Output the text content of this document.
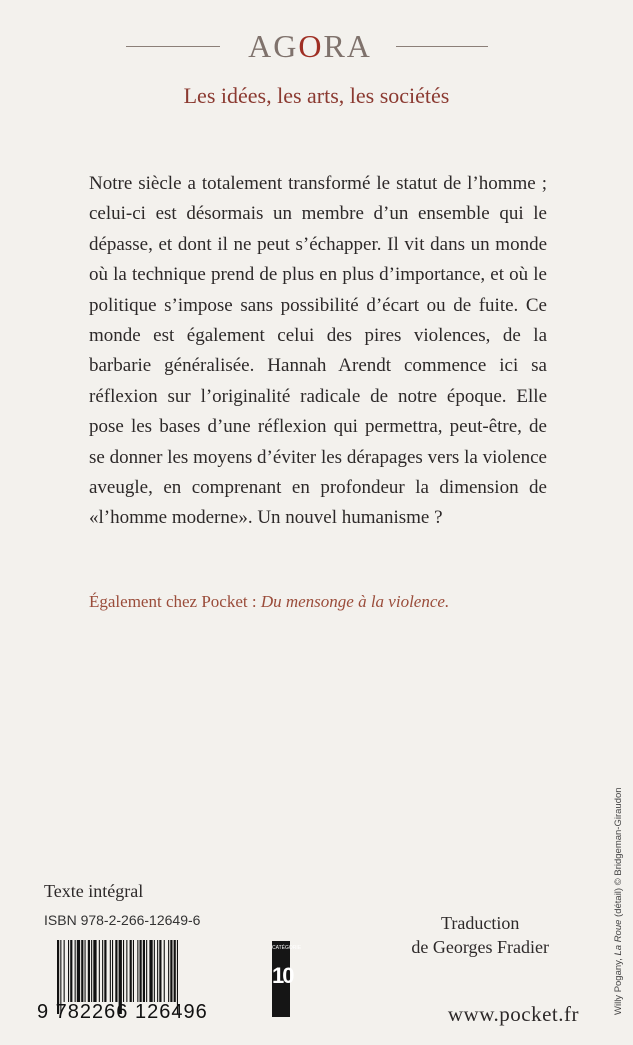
AGORA
Les idées, les arts, les sociétés

Notre siècle a totalement transformé le statut de l’homme ; celui-ci est désormais un membre d’un ensemble qui le dépasse, et dont il ne peut s’échapper. Il vit dans un monde où la technique prend de plus en plus d’importance, et où le politique s’impose sans possibilité d’écart ou de fuite. Ce monde est également celui des pires violences, de la barbarie généralisée. Hannah Arendt commence ici sa réflexion sur l’originalité radicale de notre époque. Elle pose les bases d’une réflexion qui permettra, peut-être, de se donner les moyens d’éviter les dérapages vers la violence aveugle, en comprenant en profondeur la dimension de «l’homme moderne». Un nouvel humanisme ?

Également chez Pocket : Du mensonge à la violence.
Texte intégral
ISBN 978-2-266-12649-6	Traduction
de Georges Fradier
9 782266 126496
CATÉGORIE
10
www.pocket.fr	Willy Pogany, La Roue (détail) © Bridgeman-Giraudon
